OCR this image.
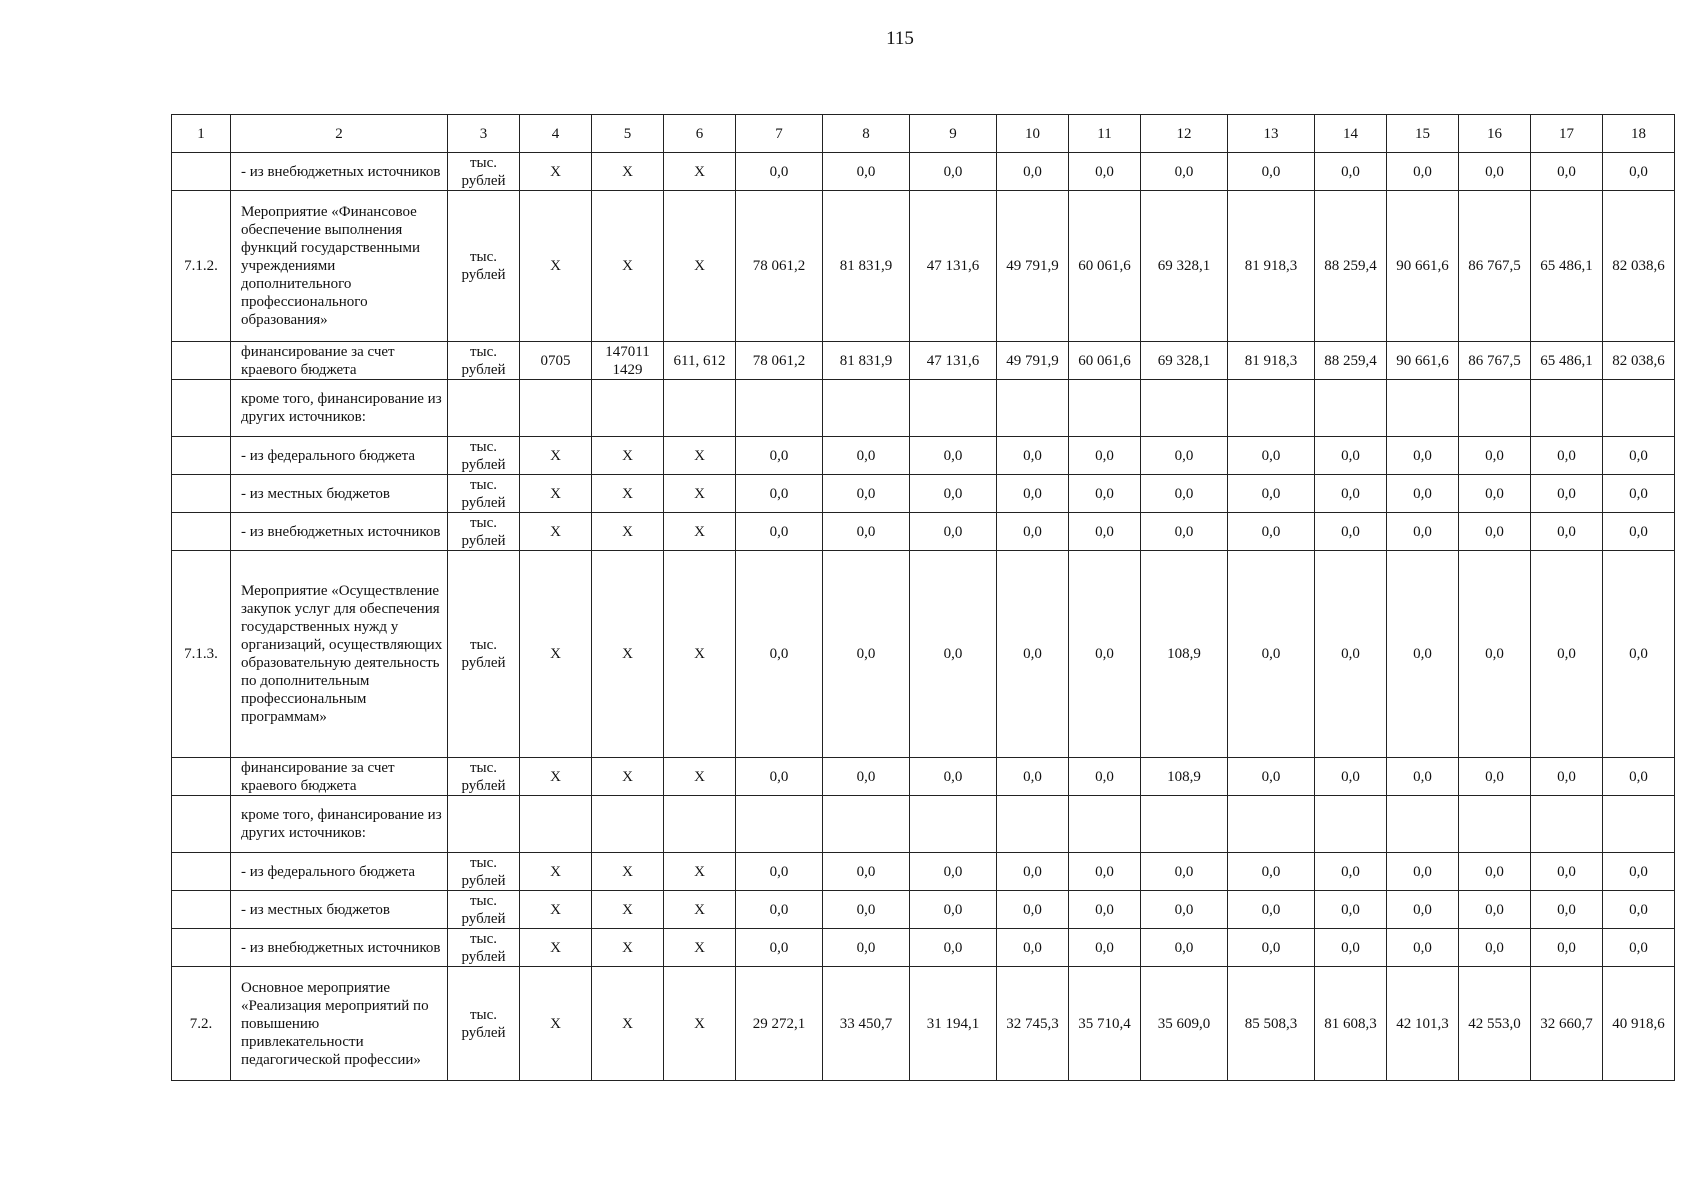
115
1	2	3	4	5	6	7	8	9	10	11	12	13	14	15	16	17	18
	- из внебюджетных источников	тыс. рублей	Х	Х	Х	0,0	0,0	0,0	0,0	0,0	0,0	0,0	0,0	0,0	0,0	0,0	0,0
7.1.2.	Мероприятие «Финансовое обеспечение выполнения функций государственными учреждениями дополнительного профессионального образования»	тыс. рублей	Х	Х	Х	78 061,2	81 831,9	47 131,6	49 791,9	60 061,6	69 328,1	81 918,3	88 259,4	90 661,6	86 767,5	65 486,1	82 038,6
	финансирование за счет краевого бюджета	тыс. рублей	0705	147011 1429	611, 612	78 061,2	81 831,9	47 131,6	49 791,9	60 061,6	69 328,1	81 918,3	88 259,4	90 661,6	86 767,5	65 486,1	82 038,6
	кроме того, финансирование из других источников:																
	- из федерального бюджета	тыс. рублей	Х	Х	Х	0,0	0,0	0,0	0,0	0,0	0,0	0,0	0,0	0,0	0,0	0,0	0,0
	- из местных бюджетов	тыс. рублей	Х	Х	Х	0,0	0,0	0,0	0,0	0,0	0,0	0,0	0,0	0,0	0,0	0,0	0,0
	- из внебюджетных источников	тыс. рублей	Х	Х	Х	0,0	0,0	0,0	0,0	0,0	0,0	0,0	0,0	0,0	0,0	0,0	0,0
7.1.3.	Мероприятие «Осуществление закупок услуг для обеспечения государственных нужд у организаций, осуществляющих образовательную деятельность по дополнительным профессиональным программам»	тыс. рублей	Х	Х	Х	0,0	0,0	0,0	0,0	0,0	108,9	0,0	0,0	0,0	0,0	0,0	0,0
	финансирование за счет краевого бюджета	тыс. рублей	Х	Х	Х	0,0	0,0	0,0	0,0	0,0	108,9	0,0	0,0	0,0	0,0	0,0	0,0
	кроме того, финансирование из других источников:																
	- из федерального бюджета	тыс. рублей	Х	Х	Х	0,0	0,0	0,0	0,0	0,0	0,0	0,0	0,0	0,0	0,0	0,0	0,0
	- из местных бюджетов	тыс. рублей	Х	Х	Х	0,0	0,0	0,0	0,0	0,0	0,0	0,0	0,0	0,0	0,0	0,0	0,0
	- из внебюджетных источников	тыс. рублей	Х	Х	Х	0,0	0,0	0,0	0,0	0,0	0,0	0,0	0,0	0,0	0,0	0,0	0,0
7.2.	Основное мероприятие «Реализация мероприятий по повышению привлекательности педагогической профессии»	тыс. рублей	Х	Х	Х	29 272,1	33 450,7	31 194,1	32 745,3	35 710,4	35 609,0	85 508,3	81 608,3	42 101,3	42 553,0	32 660,7	40 918,6
